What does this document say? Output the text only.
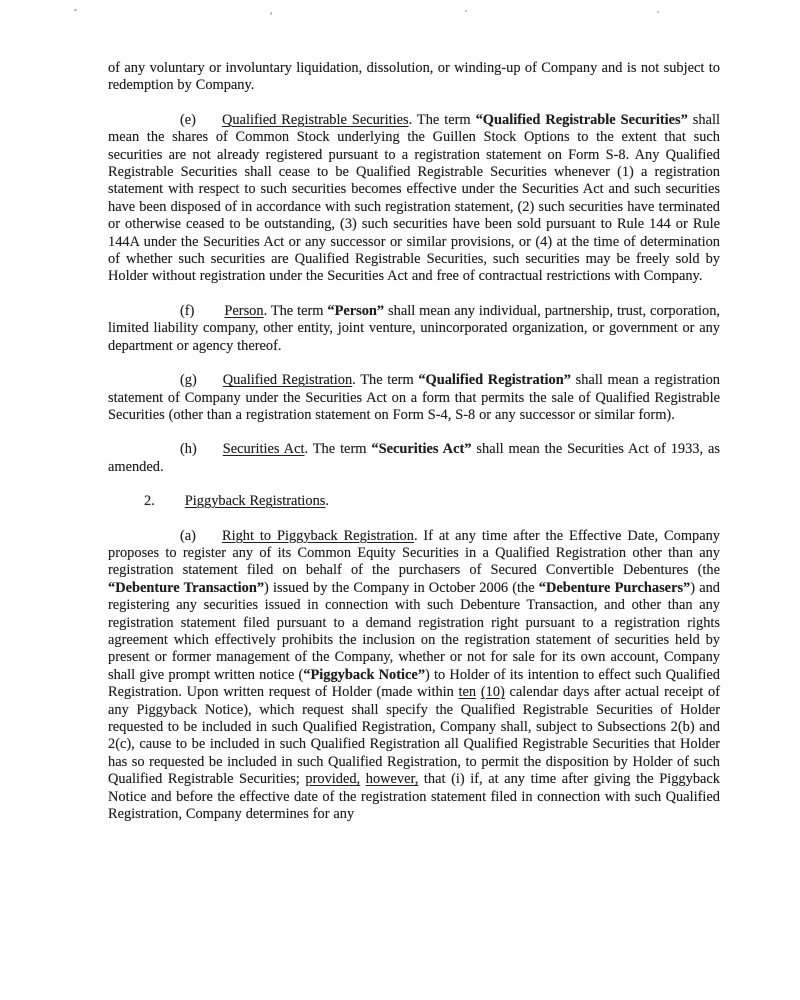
of any voluntary or involuntary liquidation, dissolution, or winding-up of Company and is not subject to redemption by Company.

(e) Qualified Registrable Securities. The term “Qualified Registrable Securities” shall mean the shares of Common Stock underlying the Guillen Stock Options to the extent that such securities are not already registered pursuant to a registration statement on Form S-8. Any Qualified Registrable Securities shall cease to be Qualified Registrable Securities whenever (1) a registration statement with respect to such securities becomes effective under the Securities Act and such securities have been disposed of in accordance with such registration statement, (2) such securities have terminated or otherwise ceased to be outstanding, (3) such securities have been sold pursuant to Rule 144 or Rule 144A under the Securities Act or any successor or similar provisions, or (4) at the time of determination of whether such securities are Qualified Registrable Securities, such securities may be freely sold by Holder without registration under the Securities Act and free of contractual restrictions with Company.

(f) Person. The term “Person” shall mean any individual, partnership, trust, corporation, limited liability company, other entity, joint venture, unincorporated organization, or government or any department or agency thereof.

(g) Qualified Registration. The term “Qualified Registration” shall mean a registration statement of Company under the Securities Act on a form that permits the sale of Qualified Registrable Securities (other than a registration statement on Form S-4, S-8 or any successor or similar form).

(h) Securities Act. The term “Securities Act” shall mean the Securities Act of 1933, as amended.

2. Piggyback Registrations.

(a) Right to Piggyback Registration. If at any time after the Effective Date, Company proposes to register any of its Common Equity Securities in a Qualified Registration other than any registration statement filed on behalf of the purchasers of Secured Convertible Debentures (the “Debenture Transaction”) issued by the Company in October 2006 (the “Debenture Purchasers”) and registering any securities issued in connection with such Debenture Transaction, and other than any registration statement filed pursuant to a demand registration right pursuant to a registration rights agreement which effectively prohibits the inclusion on the registration statement of securities held by present or former management of the Company, whether or not for sale for its own account, Company shall give prompt written notice (“Piggyback Notice”) to Holder of its intention to effect such Qualified Registration. Upon written request of Holder (made within ten (10) calendar days after actual receipt of any Piggyback Notice), which request shall specify the Qualified Registrable Securities of Holder requested to be included in such Qualified Registration, Company shall, subject to Subsections 2(b) and 2(c), cause to be included in such Qualified Registration all Qualified Registrable Securities that Holder has so requested be included in such Qualified Registration, to permit the disposition by Holder of such Qualified Registrable Securities; provided, however, that (i) if, at any time after giving the Piggyback Notice and before the effective date of the registration statement filed in connection with such Qualified Registration, Company determines for any
